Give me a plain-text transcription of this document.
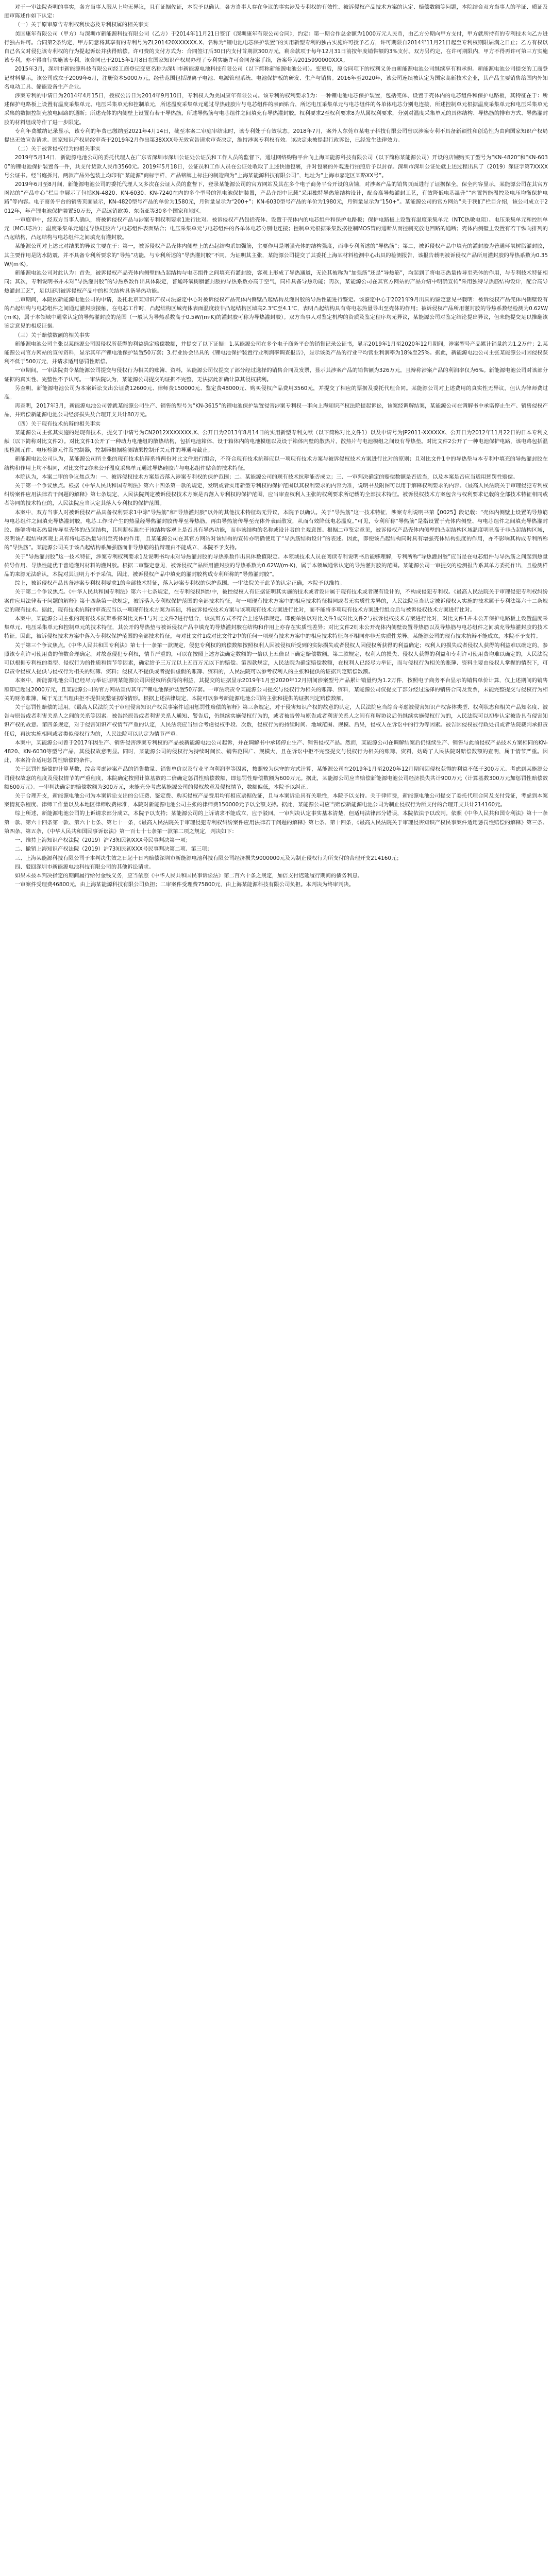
对于一审法院查明的事实，各方当事人服从上均无异议，且有证据佐证，本院予以确认。各方当事人存在争议的事实涉及专利权的有效性、被诉侵权产品技术方案的认定、赔偿数额等问题，本院结合双方当事人的举证、质证及庭审陈述作如下认定：

（一）关于原审原告专利权利状态及专利权属的相关事实

美国康年有限公司（甲方）与深圳市新能源科技有限公司（乙方）于2014年11月21日签订《深圳康年有限公司合同》，约定：第一期合作总金额为1000万元人民币，由乙方分期向甲方支付，甲方就所持有的专利技术向乙方进行独占许可。合同第2条约定，甲方同意将其享有的专利号为ZL201420XXXXXX.X、名称为“锂电池电芯保护装置”的实用新型专利的独占实施许可授予乙方，许可期限自2014年11月21日起至专利权期限届满之日止；乙方有权以自己名义对侵犯该专利权的行为提起诉讼并获得赔偿。许可费的支付方式为：合同签订后30日内支付首期款300万元，剩余款项于每年12月31日前按年度销售额的3%支付。双方另约定，在许可期限内，甲方不得再许可第三方实施该专利，亦不得自行实施该专利。该合同已于2015年1月8日在国家知识产权局办理了专利实施许可合同备案手续，备案号为2015990000XXX。

2015年3月，深圳市新能源科技有限公司经工商登记变更名称为深圳市新能源电池科技有限公司（以下简称新能源电池公司）。变更后，原合同项下的权利义务由新能源电池公司继续享有和承担。新能源电池公司提交的工商登记材料显示，该公司成立于2009年6月，注册资本5000万元，经营范围包括锂离子电池、电源管理系统、电池保护板的研发、生产与销售。2016年至2020年，该公司连续被认定为国家高新技术企业，其产品主要销售给国内外知名电动工具、储能设备生产企业。

涉案专利的申请日为2014年4月15日，授权公告日为2014年9月10日，专利权人为美国康年有限公司。该专利的权利要求1为：一种锂电池电芯保护装置，包括壳体、设置于壳体内的电芯组件和保护电路板，其特征在于：所述保护电路板上设置有温度采集单元、电压采集单元和控制单元，所述温度采集单元通过导热硅胶片与电芯组件的表面贴合，所述电压采集单元与电芯组件的各单体电芯分别电连接，所述控制单元根据温度采集单元和电压采集单元采集的数据控制充放电回路的通断；所述壳体的内侧壁上设置有若干导热筋，所述导热筋与电芯组件之间填充有导热灌封胶。权利要求2至权利要求8为从属权利要求，分别对温度采集单元的具体结构、导热筋的排布方式、导热灌封胶的材料组成等作了进一步限定。

专利年费缴纳记录显示，该专利的年费已缴纳至2021年4月14日，截至本案二审庭审结束时，该专利处于有效状态。2018年7月，案外人东莞市某电子科技有限公司曾以涉案专利不具备新颖性和创造性为由向国家知识产权局提出无效宣告请求。国家知识产权局经审查于2019年2月作出第38XXX号无效宣告请求审查决定，维持涉案专利权有效。该决定未被提起行政诉讼，已经发生法律效力。

（二）关于被诉侵权行为的相关事实

2019年5月14日，新能源电池公司的委托代理人在广东省深圳市深圳公证处公证员和工作人员的监督下，通过网络购物平台向上海某能源科技有限公司（以下简称某能源公司）开设的店铺购买了型号为“KN-4820”和“KN-6030”的锂电池保护装置各一件，共支付货款人民币3560元。2019年5月18日，公证员和工作人员在公证处收取了上述快递包裹，并对包裹的外观进行拍照后予以封存。深圳市深圳公证处就上述过程出具了（2019）深证字第7XXXX号公证书。经当庭拆封，两款产品外包装上均印有“某能源”商标字样，产品铭牌上标注的制造商为“上海某能源科技有限公司”，地址为“上海市嘉定区某路XX号”。

2019年6月至8月间，新能源电池公司的委托代理人又多次在公证人员的监督下，登录某能源公司的官方网站及其在多个电子商务平台开设的店铺，对涉案产品的销售页面进行了证据保全。保全内容显示，某能源公司在其官方网站的“产品中心”栏目中展示了包括KN-4820、KN-6030、KN-7240在内的多个型号的锂电池保护装置，产品介绍中记载“采用独特导热筋结构设计，配合高导热灌封工艺，有效降低电芯温升”“内置智能温控及电压均衡保护电路”等内容。电子商务平台的销售页面显示，KN-4820型号产品的单价为1580元，月销量显示为“200+”；KN-6030型号产品的单价为1980元，月销量显示为“150+”。某能源公司的官方网站“关于我们”栏目介绍，该公司成立于2012年，年产锂电池保护装置50万套，产品远销欧美、东南亚等30多个国家和地区。

一审庭审中，经双方当事人确认，将被诉侵权产品与涉案专利权利要求1进行比对。被诉侵权产品包括壳体、设置于壳体内的电芯组件和保护电路板；保护电路板上设置有温度采集单元（NTC热敏电阻）、电压采集单元和控制单元（MCU芯片）；温度采集单元通过导热硅胶片与电芯组件表面贴合；电压采集单元与电芯组件的各单体电芯分别电连接；控制单元根据采集数据控制MOS管的通断从而控制充放电回路的通断；壳体内侧壁上设置有若干纵向排列的凸起结构，凸起结构与电芯组件之间填充有灌封胶。

某能源公司对上述比对结果的异议主要在于：第一，被诉侵权产品壳体内侧壁上的凸起结构系加强筋，主要作用是增强壳体的结构强度，而非专利所述的“导热筋”；第二，被诉侵权产品中填充的灌封胶为普通环氧树脂灌封胶，其主要作用是防水防震，并不具备专利所要求的“导热”功能，与专利所述的“导热灌封胶”不同。为证明其主张，某能源公司提交了其委托上海某材料检测中心出具的检测报告，该报告载明被诉侵权产品所用灌封胶的导热系数为0.35W/(m·K)。

新能源电池公司对此认为：首先，被诉侵权产品壳体内侧壁的凸起结构与电芯组件之间填充有灌封胶，客观上形成了导热通道，无论其被称为“加强筋”还是“导热筋”，均起到了将电芯热量传导至壳体的作用，与专利技术特征相同；其次，专利说明书并未对“导热灌封胶”的导热系数作出具体限定，普通环氧树脂灌封胶的导热系数亦高于空气，同样具备导热功能；再次，某能源公司在其官方网站的产品介绍中明确宣传“采用独特导热筋结构设计，配合高导热灌封工艺”，足以证明被诉侵权产品中的相关结构具备导热功能。

二审期间，本院依新能源电池公司的申请，委托北京某知识产权司法鉴定中心对被诉侵权产品壳体内侧壁凸起结构及灌封胶的导热性能进行鉴定。该鉴定中心于2021年9月出具的鉴定意见书载明：被诉侵权产品壳体内侧壁设有的凸起结构与电芯组件之间通过灌封胶接触，在电芯工作时，凸起结构区域壳体表面温度较非凸起结构区域高2.3℃至4.1℃，表明凸起结构具有将电芯热量导出至壳体的作用；被诉侵权产品所用灌封胶的导热系数经检测为0.62W/(m·K)，属于本领域中通常认定的导热灌封胶的范围（一般认为导热系数高于0.5W/(m·K)的灌封胶可称为导热灌封胶）。双方当事人对鉴定机构的资质及鉴定程序均无异议，某能源公司对鉴定结论提出异议，但未能提交足以推翻该鉴定意见的相反证据。

（三）关于赔偿数额的相关事实

新能源电池公司主张以某能源公司因侵权所获得的利益确定赔偿数额，并提交了以下证据：1.某能源公司在多个电子商务平台的销售记录公证书，显示2019年1月至2020年12月期间，涉案型号产品累计销量约为1.2万件；2.某能源公司官方网站的宣传资料，显示其年产锂电池保护装置50万套；3.行业协会出具的《锂电池保护装置行业利润率调查报告》，显示该类产品的行业平均营业利润率为18%至25%。据此，新能源电池公司主张某能源公司因侵权获利不低于500万元，并请求适用惩罚性赔偿。

一审期间，一审法院责令某能源公司提交与侵权行为相关的账簿、资料，某能源公司仅提交了部分经过选择的销售合同及发票，显示其涉案产品的销售额为326万元，且辩称涉案产品的利润率仅为6%。新能源电池公司对该部分证据的真实性、完整性不予认可。一审法院认为，某能源公司提交的证据不完整，无法据此准确计算其侵权获利。

另查明，新能源电池公司为本案诉讼支出公证费12600元、律师费150000元、鉴定费48000元、购买侵权产品费用3560元，并提交了相应的票据及委托代理合同。某能源公司对上述费用的真实性无异议，但认为律师费过高。

再查明，2017年3月，新能源电池公司曾就某能源公司生产、销售的型号为“KN-3615”的锂电池保护装置侵害涉案专利权一事向上海知识产权法院提起诉讼，该案经调解结案，某能源公司在调解书中承诺停止生产、销售侵权产品，并赔偿新能源电池公司经济损失及合理开支共计80万元。

（四）关于现有技术抗辩的相关事实

某能源公司主张其实施的是现有技术，提交了申请号为CN2012XXXXXXX.X、公开日为2013年8月14日的实用新型专利文献（以下简称对比文件1）以及申请号为JP2011-XXXXXX、公开日为2012年11月22日的日本专利文献（以下简称对比文件2）。对比文件1公开了一种动力电池组的散热结构，包括电池箱体、设于箱体内的电池模组以及设于箱体内壁的散热片，散热片与电池模组之间设有导热垫。对比文件2公开了一种电池保护电路，该电路包括温度检测元件、电压检测元件及控制器，控制器根据检测结果控制开关元件的导通与截止。

新能源电池公司认为，某能源公司所主张的现有技术抗辩系将两份对比文件进行组合，不符合现有技术抗辩应以一项现有技术方案与被诉侵权技术方案进行比对的原则；且对比文件1中的导热垫与本专利中填充的导热灌封胶在结构和作用上均不相同，对比文件2亦未公开温度采集单元通过导热硅胶片与电芯组件贴合的技术特征。

本院认为，本案二审的争议焦点为：一、被诉侵权技术方案是否落入涉案专利权的保护范围；二、某能源公司的现有技术抗辩能否成立；三、一审判决确定的赔偿数额是否适当，以及本案是否应当适用惩罚性赔偿。

关于第一个争议焦点。根据《中华人民共和国专利法》第六十四条第一款的规定，发明或者实用新型专利权的保护范围以其权利要求的内容为准，说明书及附图可以用于解释权利要求的内容。《最高人民法院关于审理侵犯专利权纠纷案件应用法律若干问题的解释》第七条规定，人民法院判定被诉侵权技术方案是否落入专利权的保护范围，应当审查权利人主张的权利要求所记载的全部技术特征。被诉侵权技术方案包含与权利要求记载的全部技术特征相同或者等同的技术特征的，人民法院应当认定其落入专利权的保护范围。

本案中，双方当事人对被诉侵权产品具备权利要求1中除“导热筋”和“导热灌封胶”以外的其他技术特征均无异议，本院予以确认。关于“导热筋”这一技术特征，涉案专利说明书第【0025】段记载：“壳体内侧壁上设置的导热筋与电芯组件之间填充导热灌封胶，电芯工作时产生的热量经导热灌封胶传导至导热筋，再由导热筋传导至壳体外表面散发，从而有效降低电芯温度。”可见，专利所称“导热筋”是指设置于壳体内侧壁、与电芯组件之间填充导热灌封胶、能够将电芯热量传导至壳体的凸起结构，其判断标准在于该结构客观上是否具有导热功能，而非该结构的名称或设计者的主观意图。根据二审鉴定意见，被诉侵权产品壳体内侧壁的凸起结构区域温度明显高于非凸起结构区域，表明该凸起结构客观上具有将电芯热量导出至壳体的作用，且某能源公司在其官方网站对该结构的宣传亦明确使用了“导热筋结构设计”的表述。因此，即便该凸起结构同时具有增强壳体结构强度的作用，亦不影响其构成专利所称的“导热筋”。某能源公司关于该凸起结构系加强筋而非导热筋的抗辩理由不能成立，本院不予支持。

关于“导热灌封胶”这一技术特征，涉案专利权利要求1及说明书均未对导热灌封胶的导热系数作出具体数值限定。本领域技术人员在阅读专利说明书后能够理解，专利所称“导热灌封胶”应当是在电芯组件与导热筋之间起到热量传导作用、导热性能优于普通灌封材料的灌封胶。根据二审鉴定意见，被诉侵权产品所用灌封胶的导热系数为0.62W/(m·K)，属于本领域通常认定的导热灌封胶的范围。某能源公司一审提交的检测报告系其单方委托作出，且检测样品的来源无法确认，本院对其证明力不予采信。因此，被诉侵权产品中填充的灌封胶构成专利所称的“导热灌封胶”。

综上，被诉侵权产品具备涉案专利权利要求1的全部技术特征，落入涉案专利权的保护范围。一审法院关于此节的认定正确，本院予以维持。

关于第二个争议焦点。《中华人民共和国专利法》第六十七条规定，在专利侵权纠纷中，被控侵权人有证据证明其实施的技术或者设计属于现有技术或者现有设计的，不构成侵犯专利权。《最高人民法院关于审理侵犯专利权纠纷案件应用法律若干问题的解释》第十四条第一款规定，被诉落入专利权保护范围的全部技术特征，与一项现有技术方案中的相应技术特征相同或者无实质性差异的，人民法院应当认定被诉侵权人实施的技术属于专利法第六十二条规定的现有技术。据此，现有技术抗辩的审查应当以一项现有技术方案为基础，将被诉侵权技术方案与该项现有技术方案进行比对，而不能将多项现有技术方案进行组合后与被诉侵权技术方案进行比对。

本案中，某能源公司主张的现有技术抗辩系将对比文件1与对比文件2进行组合，该抗辩方式不符合上述法律规定。即便单独以对比文件1或对比文件2与被诉侵权技术方案进行比对，对比文件1并未公开保护电路板上设置温度采集单元、电压采集单元和控制单元的技术特征，其公开的导热垫与被诉侵权产品中填充的导热灌封胶在结构和作用上亦存在实质性差异；对比文件2则未公开壳体内侧壁设置导热筋以及导热筋与电芯组件之间填充导热灌封胶的技术特征。因此，被诉侵权技术方案中落入专利权保护范围的全部技术特征，与对比文件1或对比文件2中的任何一项现有技术方案中的相应技术特征均不相同亦非无实质性差异。某能源公司的现有技术抗辩不能成立，本院不予支持。

关于第三个争议焦点。《中华人民共和国专利法》第七十一条第一款规定，侵犯专利权的赔偿数额按照权利人因被侵权所受到的实际损失或者侵权人因侵权所获得的利益确定；权利人的损失或者侵权人获得的利益难以确定的，参照该专利许可使用费的倍数合理确定。对故意侵犯专利权，情节严重的，可以在按照上述方法确定数额的一倍以上五倍以下确定赔偿数额。第二款规定，权利人的损失、侵权人获得的利益和专利许可使用费均难以确定的，人民法院可以根据专利权的类型、侵权行为的性质和情节等因素，确定给予三万元以上五百万元以下的赔偿。第四款规定，人民法院为确定赔偿数额，在权利人已经尽力举证，而与侵权行为相关的账簿、资料主要由侵权人掌握的情况下，可以责令侵权人提供与侵权行为相关的账簿、资料；侵权人不提供或者提供虚假的账簿、资料的，人民法院可以参考权利人的主张和提供的证据判定赔偿数额。

本案中，新能源电池公司已经尽力举证证明某能源公司因侵权所获得的利益，其提交的证据显示2019年1月至2020年12月期间涉案型号产品累计销量约为1.2万件，按照电子商务平台显示的销售单价计算，仅上述期间的销售额即已超过2000万元，且某能源公司的官方网站宣传其年产锂电池保护装置50万套。一审法院责令某能源公司提交与侵权行为相关的账簿、资料，某能源公司仅提交了部分经过选择的销售合同及发票，未能完整提交与侵权行为相关的财务账簿，属于无正当理由拒不提供完整证据的情形。根据上述法律规定，本院可以参考新能源电池公司的主张和提供的证据判定赔偿数额。

关于惩罚性赔偿的适用。《最高人民法院关于审理侵害知识产权民事案件适用惩罚性赔偿的解释》第三条规定，对于侵害知识产权的故意的认定，人民法院应当综合考虑被侵害知识产权客体类型、权利状态和相关产品知名度、被告与原告或者利害关系人之间的关系等因素。被告经原告或者利害关系人通知、警告后，仍继续实施侵权行为的，或者被告曾与原告或者利害关系人之间有和解协议后仍继续实施侵权行为的，人民法院可以初步认定被告具有侵害知识产权的故意。第四条规定，对于侵害知识产权情节严重的认定，人民法院应当综合考虑侵权手段、次数，侵权行为的持续时间、地域范围、规模、后果，侵权人在诉讼中的行为等因素。被告因侵权被行政处罚或者法院裁判承担责任后，再次实施相同或者类似侵权行为的，人民法院可以认定为情节严重。

本案中，某能源公司曾于2017年因生产、销售侵害涉案专利权的产品被新能源电池公司起诉，并在调解书中承诺停止生产、销售侵权产品。然而，某能源公司在调解结案后仍继续生产、销售与此前侵权产品技术方案相同的KN-4820、KN-6030等型号产品，其侵权故意明显。同时，某能源公司的侵权行为持续时间长、销售范围广、规模大，且在诉讼中拒不完整提交与侵权行为相关的账簿、资料，妨碍了人民法院对赔偿数额的查明，属于情节严重。因此，本案符合适用惩罚性赔偿的条件。

关于惩罚性赔偿的计算基数，综合考虑涉案产品的销售数量、销售单价以及行业平均利润率等因素，按照较为保守的方式计算，某能源公司在2019年1月至2020年12月期间因侵权获得的利益不低于300万元。考虑到某能源公司侵权故意的程度及侵权情节的严重程度，本院确定按照计算基数的二倍确定惩罚性赔偿数额，即惩罚性赔偿数额为600万元。据此，某能源公司应当赔偿新能源电池公司经济损失共计900万元（计算基数300万元加惩罚性赔偿数额600万元）。一审判决确定的赔偿数额为300万元，未能充分考虑某能源公司的侵权故意及侵权情节，数额偏低，本院予以纠正。

关于合理开支，新能源电池公司为本案诉讼支出的公证费、鉴定费、购买侵权产品费用均有相应票据佐证，且与本案诉讼具有关联性，本院予以支持。关于律师费，新能源电池公司提交了委托代理合同及支付凭证，考虑到本案案情复杂程度、律师工作量以及本地区律师收费标准，本院对新能源电池公司主张的律师费150000元予以全额支持。据此，某能源公司应当赔偿新能源电池公司为制止侵权行为所支付的合理开支共计214160元。

综上所述，新能源电池公司的上诉请求部分成立，本院予以支持；某能源公司的上诉请求不能成立，应予驳回。一审判决认定事实基本清楚，但适用法律部分错误，本院依法予以改判。依照《中华人民共和国专利法》第十一条第一款、第六十四条第一款、第六十七条、第七十一条，《最高人民法院关于审理侵犯专利权纠纷案件应用法律若干问题的解释》第七条、第十四条，《最高人民法院关于审理侵害知识产权民事案件适用惩罚性赔偿的解释》第三条、第四条、第五条，《中华人民共和国民事诉讼法》第一百七十七条第一款第二项之规定，判决如下：

一、维持上海知识产权法院（2019）沪73知民初XXX号民事判决第一项；

二、撤销上海知识产权法院（2019）沪73知民初XXX号民事判决第二项、第三项；

三、上海某能源科技有限公司于本判决生效之日起十日内赔偿深圳市新能源电池科技有限公司经济损失9000000元及为制止侵权行为所支付的合理开支214160元；

四、驳回深圳市新能源电池科技有限公司的其他诉讼请求。

如果未按本判决指定的期间履行给付金钱义务，应当依照《中华人民共和国民事诉讼法》第二百六十条之规定，加倍支付迟延履行期间的债务利息。

一审案件受理费46800元，由上海某能源科技有限公司负担；二审案件受理费75800元，由上海某能源科技有限公司负担。本判决为终审判决。
